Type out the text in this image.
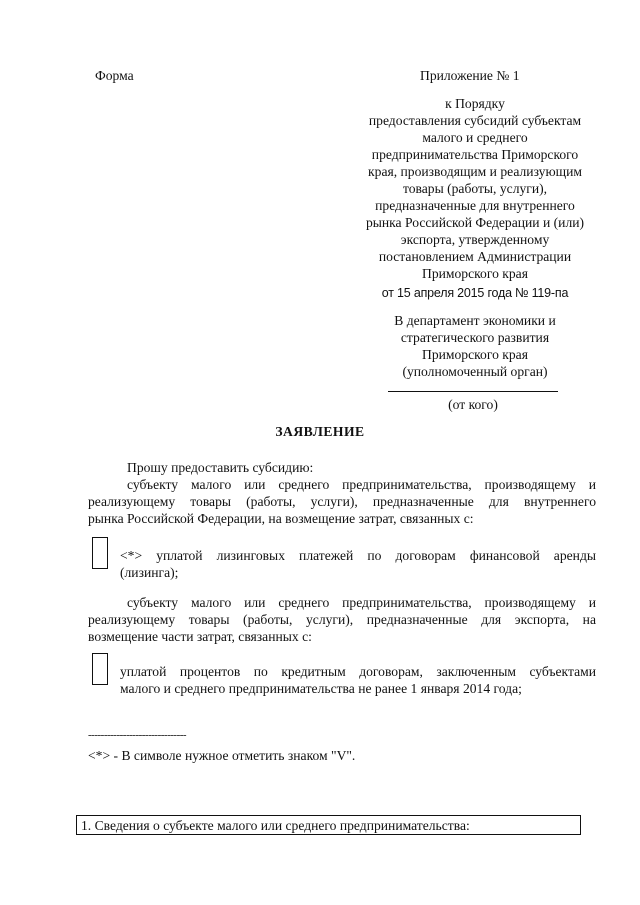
Форма	Приложение № 1
к Порядку
предоставления субсидий субъектам
малого и среднего
предпринимательства Приморского
края, производящим и реализующим
товары (работы, услуги),
предназначенные для внутреннего
рынка Российской Федерации и (или)
экспорта, утвержденному
постановлением Администрации
Приморского края
от 15 апреля 2015 года № 119-па
В департамент экономики и
стратегического развития
Приморского края
(уполномоченный орган)
(от кого)
ЗАЯВЛЕНИЕ
Прошу предоставить субсидию:
субъекту малого или среднего предпринимательства, производящему и
реализующему товары (работы, услуги), предназначенные для внутреннего
рынка Российской Федерации, на возмещение затрат, связанных с:
<*> уплатой лизинговых платежей по договорам финансовой аренды
(лизинга);
субъекту малого или среднего предпринимательства, производящему и
реализующему товары (работы, услуги), предназначенные для экспорта, на
возмещение части затрат, связанных с:
уплатой процентов по кредитным договорам, заключенным субъектами
малого и среднего предпринимательства не ранее 1 января 2014 года;
-------------------------------
<*> - В символе нужное отметить знаком "V".
1. Сведения о субъекте малого или среднего предпринимательства:
